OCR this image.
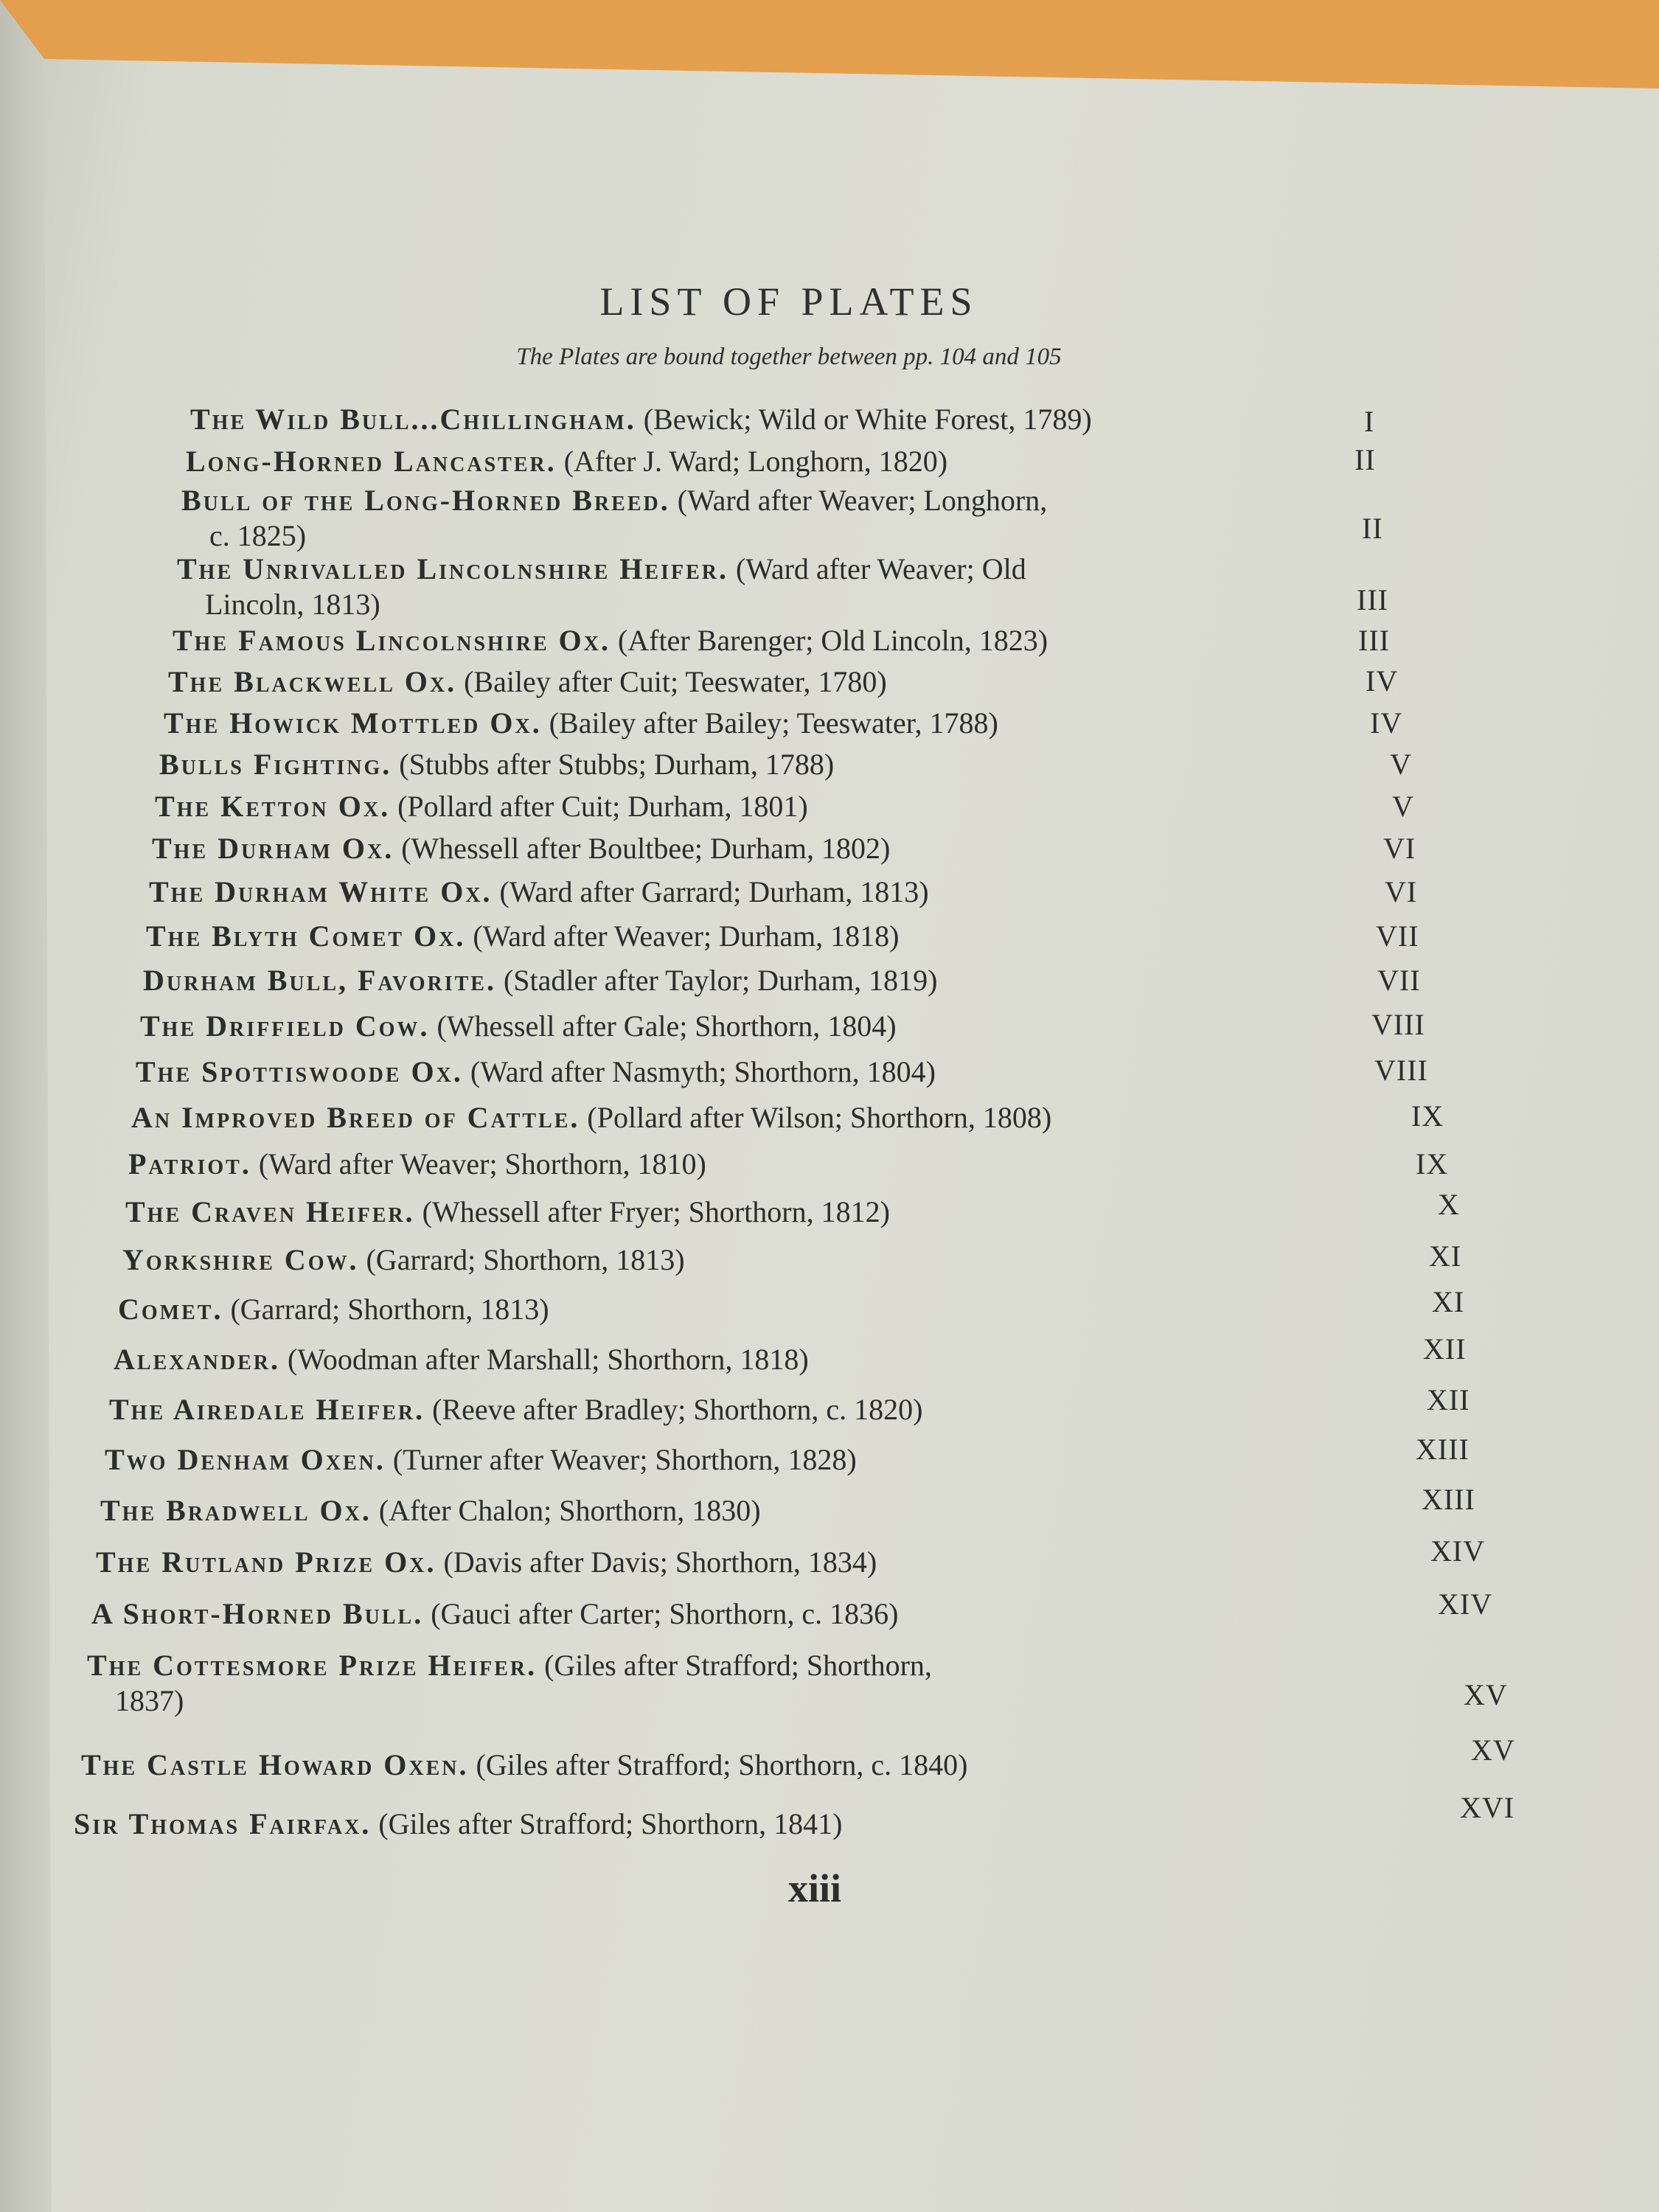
LIST OF PLATES
The Plates are bound together between pp. 104 and 105
The Wild Bull...Chillingham. (Bewick; Wild or White Forest, 1789)	I
Long-Horned Lancaster. (After J. Ward; Longhorn, 1820)	II
Bull of the Long-Horned Breed. (Ward after Weaver; Longhorn,
c. 1825)	II
The Unrivalled Lincolnshire Heifer. (Ward after Weaver; Old
Lincoln, 1813)	III
The Famous Lincolnshire Ox. (After Barenger; Old Lincoln, 1823)	III
The Blackwell Ox. (Bailey after Cuit; Teeswater, 1780)	IV
The Howick Mottled Ox. (Bailey after Bailey; Teeswater, 1788)	IV
Bulls Fighting. (Stubbs after Stubbs; Durham, 1788)	V
The Ketton Ox. (Pollard after Cuit; Durham, 1801)	V
The Durham Ox. (Whessell after Boultbee; Durham, 1802)	VI
The Durham White Ox. (Ward after Garrard; Durham, 1813)	VI
The Blyth Comet Ox. (Ward after Weaver; Durham, 1818)	VII
Durham Bull, Favorite. (Stadler after Taylor; Durham, 1819)	VII
The Driffield Cow. (Whessell after Gale; Shorthorn, 1804)	VIII
The Spottiswoode Ox. (Ward after Nasmyth; Shorthorn, 1804)	VIII
An Improved Breed of Cattle. (Pollard after Wilson; Shorthorn, 1808)	IX
Patriot. (Ward after Weaver; Shorthorn, 1810)	IX
The Craven Heifer. (Whessell after Fryer; Shorthorn, 1812)	X
Yorkshire Cow. (Garrard; Shorthorn, 1813)	XI
Comet. (Garrard; Shorthorn, 1813)	XI
Alexander. (Woodman after Marshall; Shorthorn, 1818)	XII
The Airedale Heifer. (Reeve after Bradley; Shorthorn, c. 1820)	XII
Two Denham Oxen. (Turner after Weaver; Shorthorn, 1828)	XIII
The Bradwell Ox. (After Chalon; Shorthorn, 1830)	XIII
The Rutland Prize Ox. (Davis after Davis; Shorthorn, 1834)	XIV
A Short-Horned Bull. (Gauci after Carter; Shorthorn, c. 1836)	XIV
The Cottesmore Prize Heifer. (Giles after Strafford; Shorthorn,
1837)	XV
The Castle Howard Oxen. (Giles after Strafford; Shorthorn, c. 1840)	XV
Sir Thomas Fairfax. (Giles after Strafford; Shorthorn, 1841)	XVI
xiii
